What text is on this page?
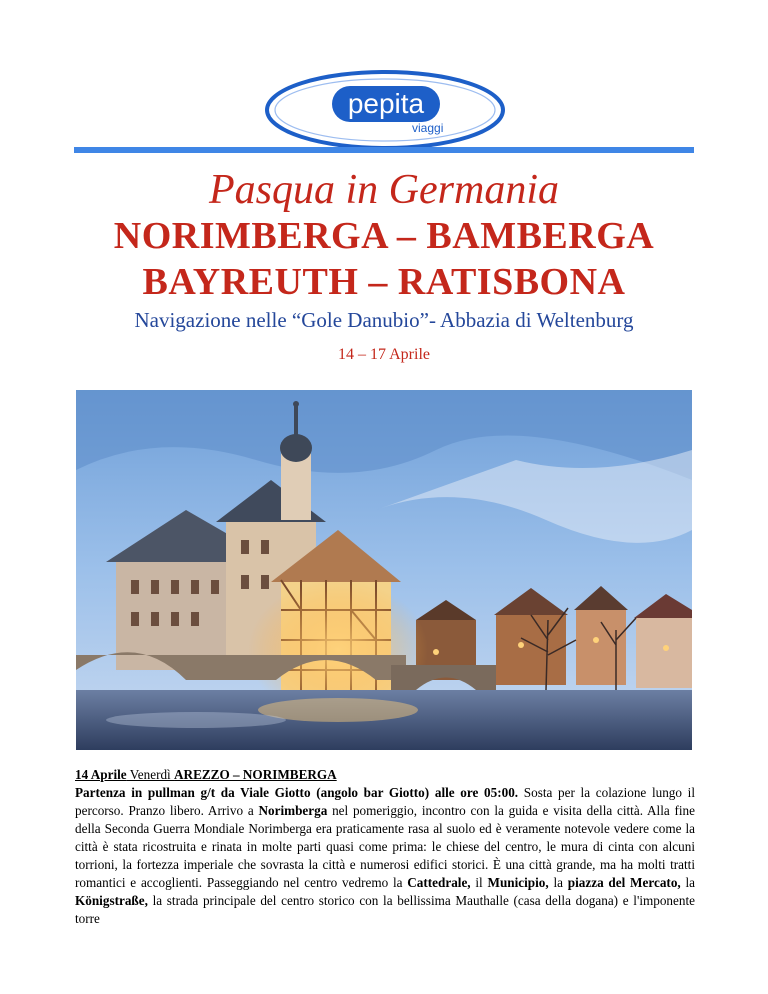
pepita
viaggi
Pasqua in Germania
NORIMBERGA – BAMBERGA
BAYREUTH – RATISBONA
Navigazione nelle “Gole Danubio”- Abbazia di Weltenburg
14 – 17 Aprile

14 Aprile Venerdì AREZZO – NORIMBERGA

Partenza in pullman g/t da Viale Giotto (angolo bar Giotto) alle ore 05:00. Sosta per la colazione lungo il percorso. Pranzo libero. Arrivo a Norimberga nel pomeriggio, incontro con la guida e visita della città. Alla fine della Seconda Guerra Mondiale Norimberga era praticamente rasa al suolo ed è veramente notevole vedere come la città è stata ricostruita e rinata in molte parti quasi come prima: le chiese del centro, le mura di cinta con alcuni torrioni, la fortezza imperiale che sovrasta la città e numerosi edifici storici. È una città grande, ma ha molti tratti romantici e accoglienti. Passeggiando nel centro vedremo la Cattedrale, il Municipio, la piazza del Mercato, la Königstraße, la strada principale del centro storico con la bellissima Mauthalle (casa della dogana) e l'imponente torre
